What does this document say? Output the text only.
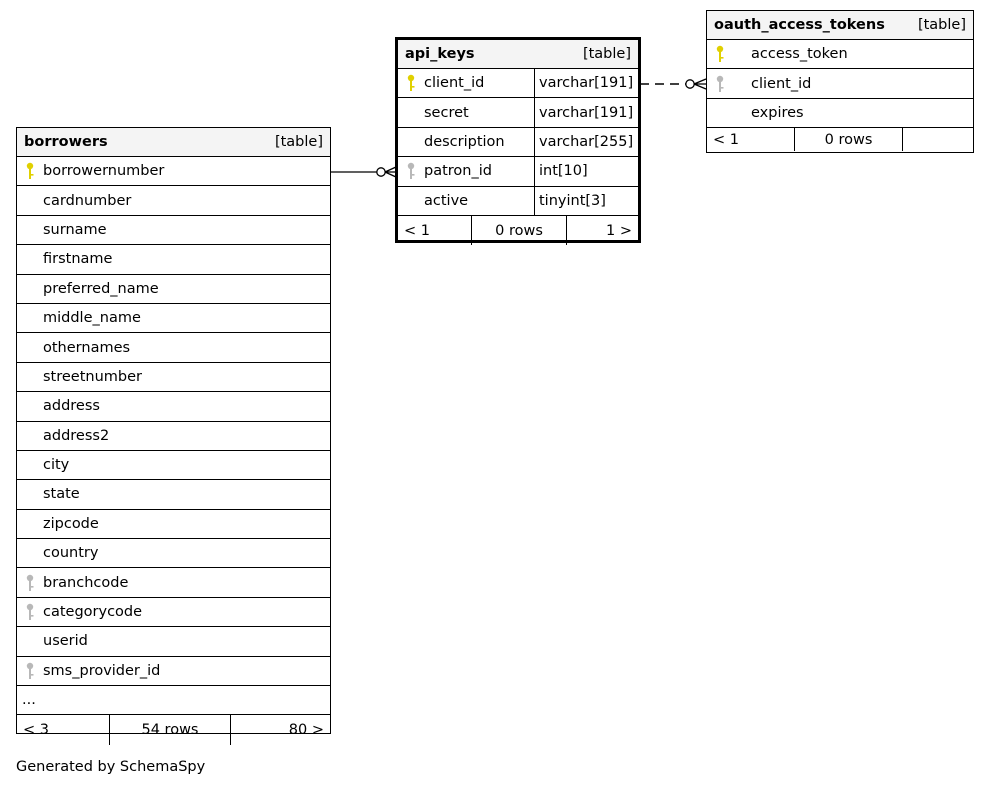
borrowers	[table]
borrowernumber
cardnumber
surname
firstname
preferred_name
middle_name
othernames
streetnumber
address
address2
city
state
zipcode
country
branchcode
categorycode
userid
sms_provider_id
...
< 3	54 rows	80 >
api_keys	[table]
client_id	varchar[191]
secret	varchar[191]
description	varchar[255]
patron_id	int[10]
active	tinyint[3]
< 1	0 rows	1 >
oauth_access_tokens [table]
access_token
client_id
expires
< 1	0 rows
Generated by SchemaSpy
